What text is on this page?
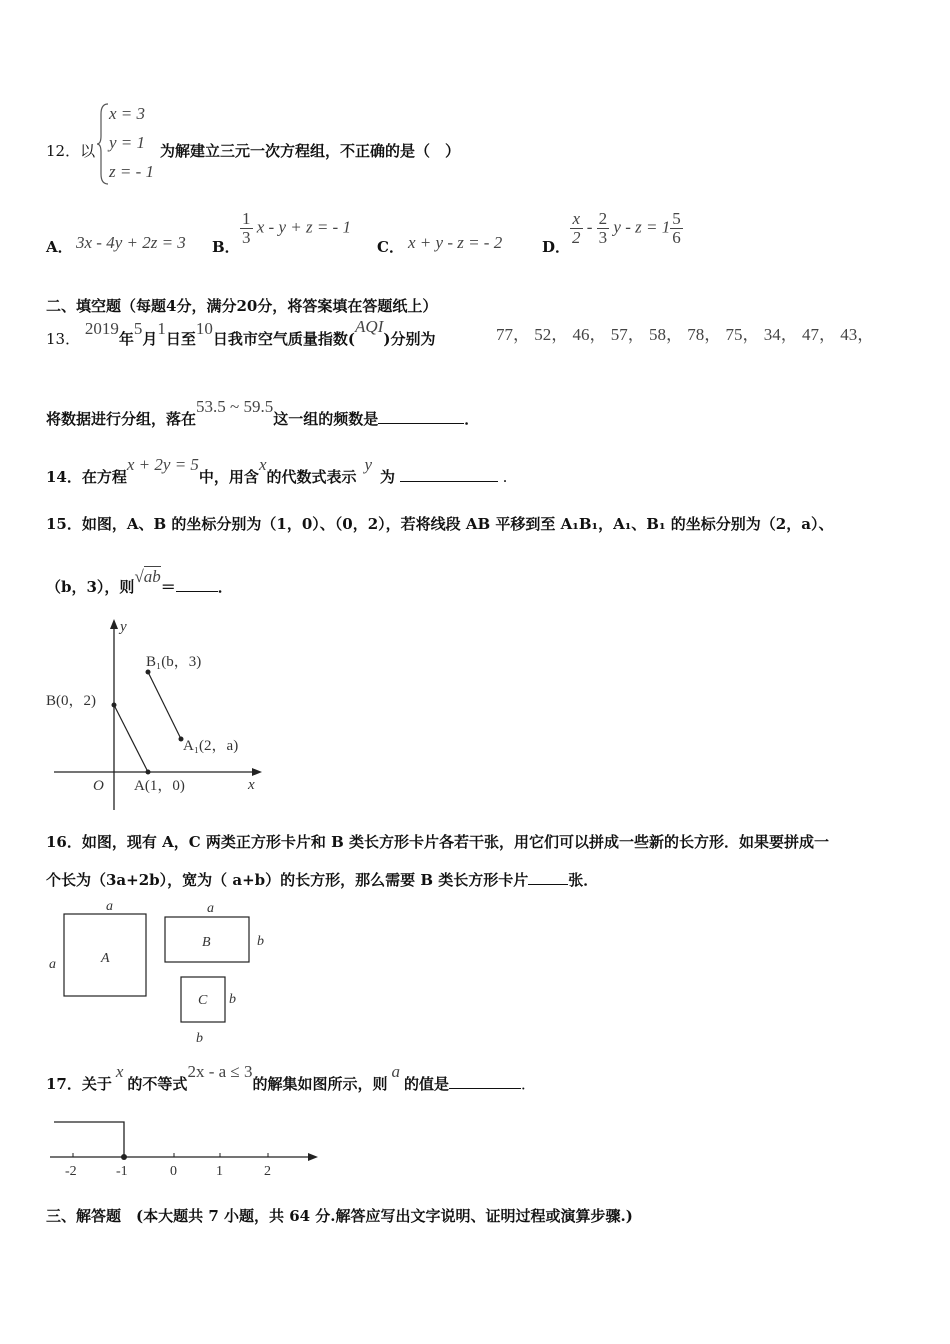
12．以
x = 3
y = 1
z = - 1
为解建立三元一次方程组，不正确的是（　）
A． 3x - 4y + 2z = 3 B．
$\frac{1}{3}$ x - y + z = - 1
C． x + y - z = - 2	D．
$\frac{x}{2} - \frac{2}{3}$ $y - z = 1 \frac{5}{6}$
二、填空题（每题4分，满分20分，将答案填在答题纸上）
13． 2019年5月1日至10日我市空气质量指数(AQI)分别为	77， 52， 46， 57， 58， 78， 75， 34， 47， 43，
将数据进行分组，落在53.5 ~ 59.5这一组的频数是	．
14．在方程x + 2y = 5中，用含x的代数式表示y为	.
15．如图，A、B 的坐标分别为（1，0）、（0，2），若将线段 AB 平移到至 A₁B₁，A₁、B₁ 的坐标分别为（2，a）、
（b，3），则√ab＝	．
y
x
O
B(0，2)
A(1，0)
B₁(b，3)
A₁(2，a)
16．如图，现有 A，C 两类正方形卡片和 B 类长方形卡片各若干张，用它们可以拼成一些新的长方形．如果要拼成一
个长为（3a+2b），宽为（ a+b）的长方形，那么需要 B 类长方形卡片	张．
a
a	A
a
b
B
b
b
C
17．关于x的不等式2x - a ≤ 3的解集如图所示，则a的值是	．
-2	-1	0	1	2
三、解答题　(本大题共 7 小题，共 64 分.解答应写出文字说明、证明过程或演算步骤.)
